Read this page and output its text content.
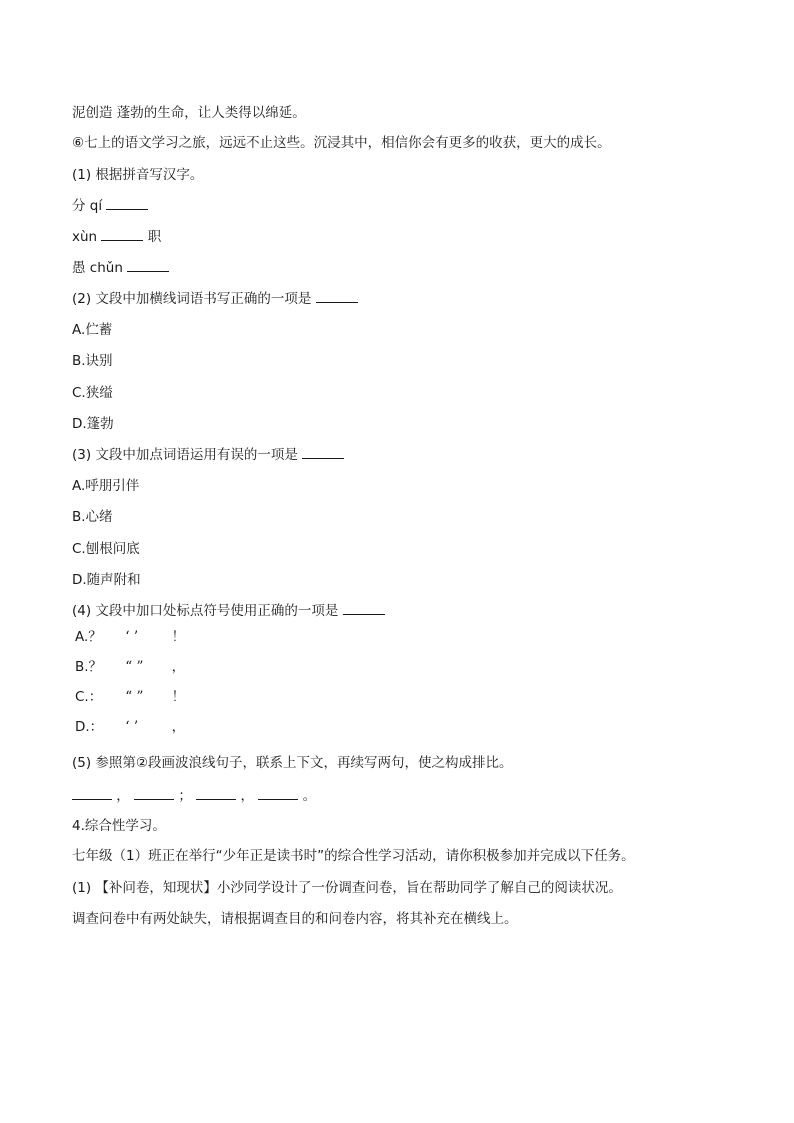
泥创造 蓬勃的生命，让人类得以绵延。
⑥七上的语文学习之旅，远远不止这些。沉浸其中，相信你会有更多的收获，更大的成长。
(1) 根据拼音写汉字。
分 qí
xùn	职
愚 chǔn
(2) 文段中加横线词语书写正确的一项是
A.伫蓄
B.诀别
C.狭缢
D.篷勃
(3) 文段中加点词语运用有误的一项是
A.呼朋引伴
B.心绪
C.刨根问底
D.随声附和
(4) 文段中加口处标点符号使用正确的一项是
A.？ ‘ ’ ！
B.？ “ ” ，
C.： “ ” ！
D.： ‘ ’ ，
(5) 参照第②段画波浪线句子，联系上下文，再续写两句，使之构成排比。
，	；	，	。
4.综合性学习。
七年级（1）班正在举行“少年正是读书时”的综合性学习活动，请你积极参加并完成以下任务。
(1) 【补问卷，知现状】小沙同学设计了一份调查问卷，旨在帮助同学了解自己的阅读状况。
调查问卷中有两处缺失，请根据调查目的和问卷内容，将其补充在横线上。
